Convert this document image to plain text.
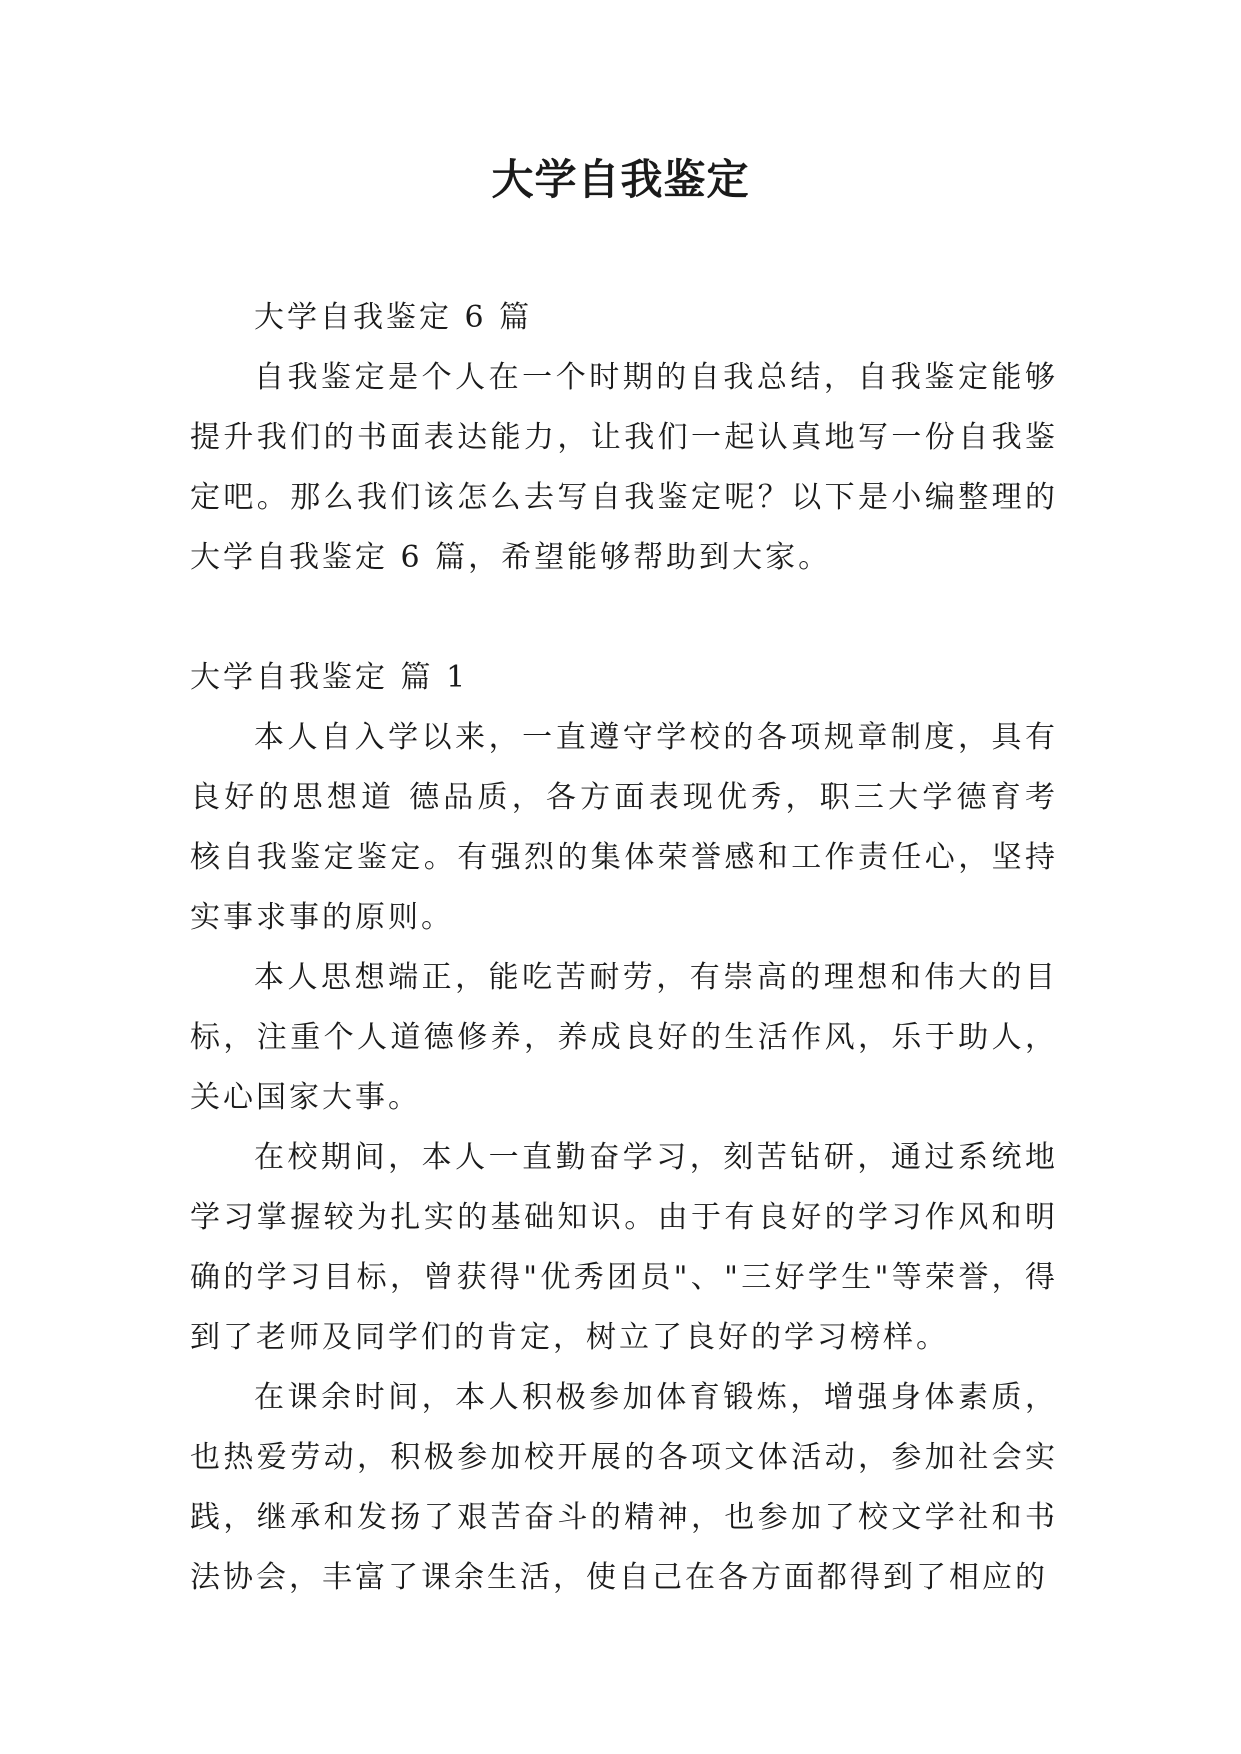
大学自我鉴定

大学自我鉴定 6 篇

自我鉴定是个人在一个时期的自我总结，自我鉴定能够提升我们的书面表达能力，让我们一起认真地写一份自我鉴定吧。那么我们该怎么去写自我鉴定呢？以下是小编整理的大学自我鉴定 6 篇，希望能够帮助到大家。

大学自我鉴定 篇 1

本人自入学以来，一直遵守学校的各项规章制度，具有良好的思想道 德品质，各方面表现优秀，职三大学德育考核自我鉴定鉴定。有强烈的集体荣誉感和工作责任心，坚持实事求事的原则。

本人思想端正，能吃苦耐劳，有崇高的理想和伟大的目标，注重个人道德修养，养成良好的生活作风，乐于助人，关心国家大事。

在校期间，本人一直勤奋学习，刻苦钻研，通过系统地学习掌握较为扎实的基础知识。由于有良好的学习作风和明确的学习目标，曾获得"优秀团员"、"三好学生"等荣誉，得到了老师及同学们的肯定，树立了良好的学习榜样。

在课余时间，本人积极参加体育锻炼，增强身体素质，也热爱劳动，积极参加校开展的各项文体活动，参加社会实践，继承和发扬了艰苦奋斗的精神，也参加了校文学社和书法协会，丰富了课余生活，使自己在各方面都得到了相应的
